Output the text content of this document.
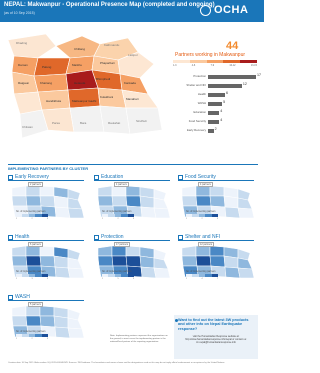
NEPAL: Makwanpur - Operational Presence Map (completed and ongoing)
(as of 10 Sep 2015)	OCHA
Hetauda
Bhimphedi
Palung
Daman
Manahari
Kankada
Markhu	Phaparbari
Chitlang
Handikhola
Kulekhani
Raigaun	Khairang
Makwanpur Gadhi
Dhading	Kathmandu
Lalitpur
Chitwan
Parsa	Bara	Rautahat	Sindhuli
44
Partners working in Makwanpur
1-3	4-6	7-9	10-12	13-15
Protection	17
Shelter and NFI	12
Health	6
WASH	5
Education	4
Food Security	4
Early Recovery 2
IMPLEMENTING PARTNERS BY CLUSTER
Early Recovery
2 partners
No. of implementing partners
1	2	3
Education
4 partners
No. of implementing partners
1	2	3
Food Security
4 partners
No. of implementing partners
1	2	3
Health
6 partners
No. of implementing partners
1	3	5
Protection
17 partners
No. of implementing partners
1	5	9
Shelter and NFI
12 partners
No. of implementing partners
1	4	7
WASH
5 partners
No. of implementing partners
1	2	3
Note: Implementing partners represent the organizations on the ground; in most cases the implementing partner is the national/local partner of the reporting organization.
Want to find out the latest 3W products and other info on Nepal Earthquake response?
visit the Humanitarian Response website at: http://www.humanitarianresponse.info/nepal or contact us: im.nepal@humanitarianresponse.info
Creation date: 10 Sep 2015 Glide number: EQ-2015-000048-NPL Sources: 3W Database. The boundaries and names shown and the designations used on this map do not imply official endorsement or acceptance by the United Nations.
